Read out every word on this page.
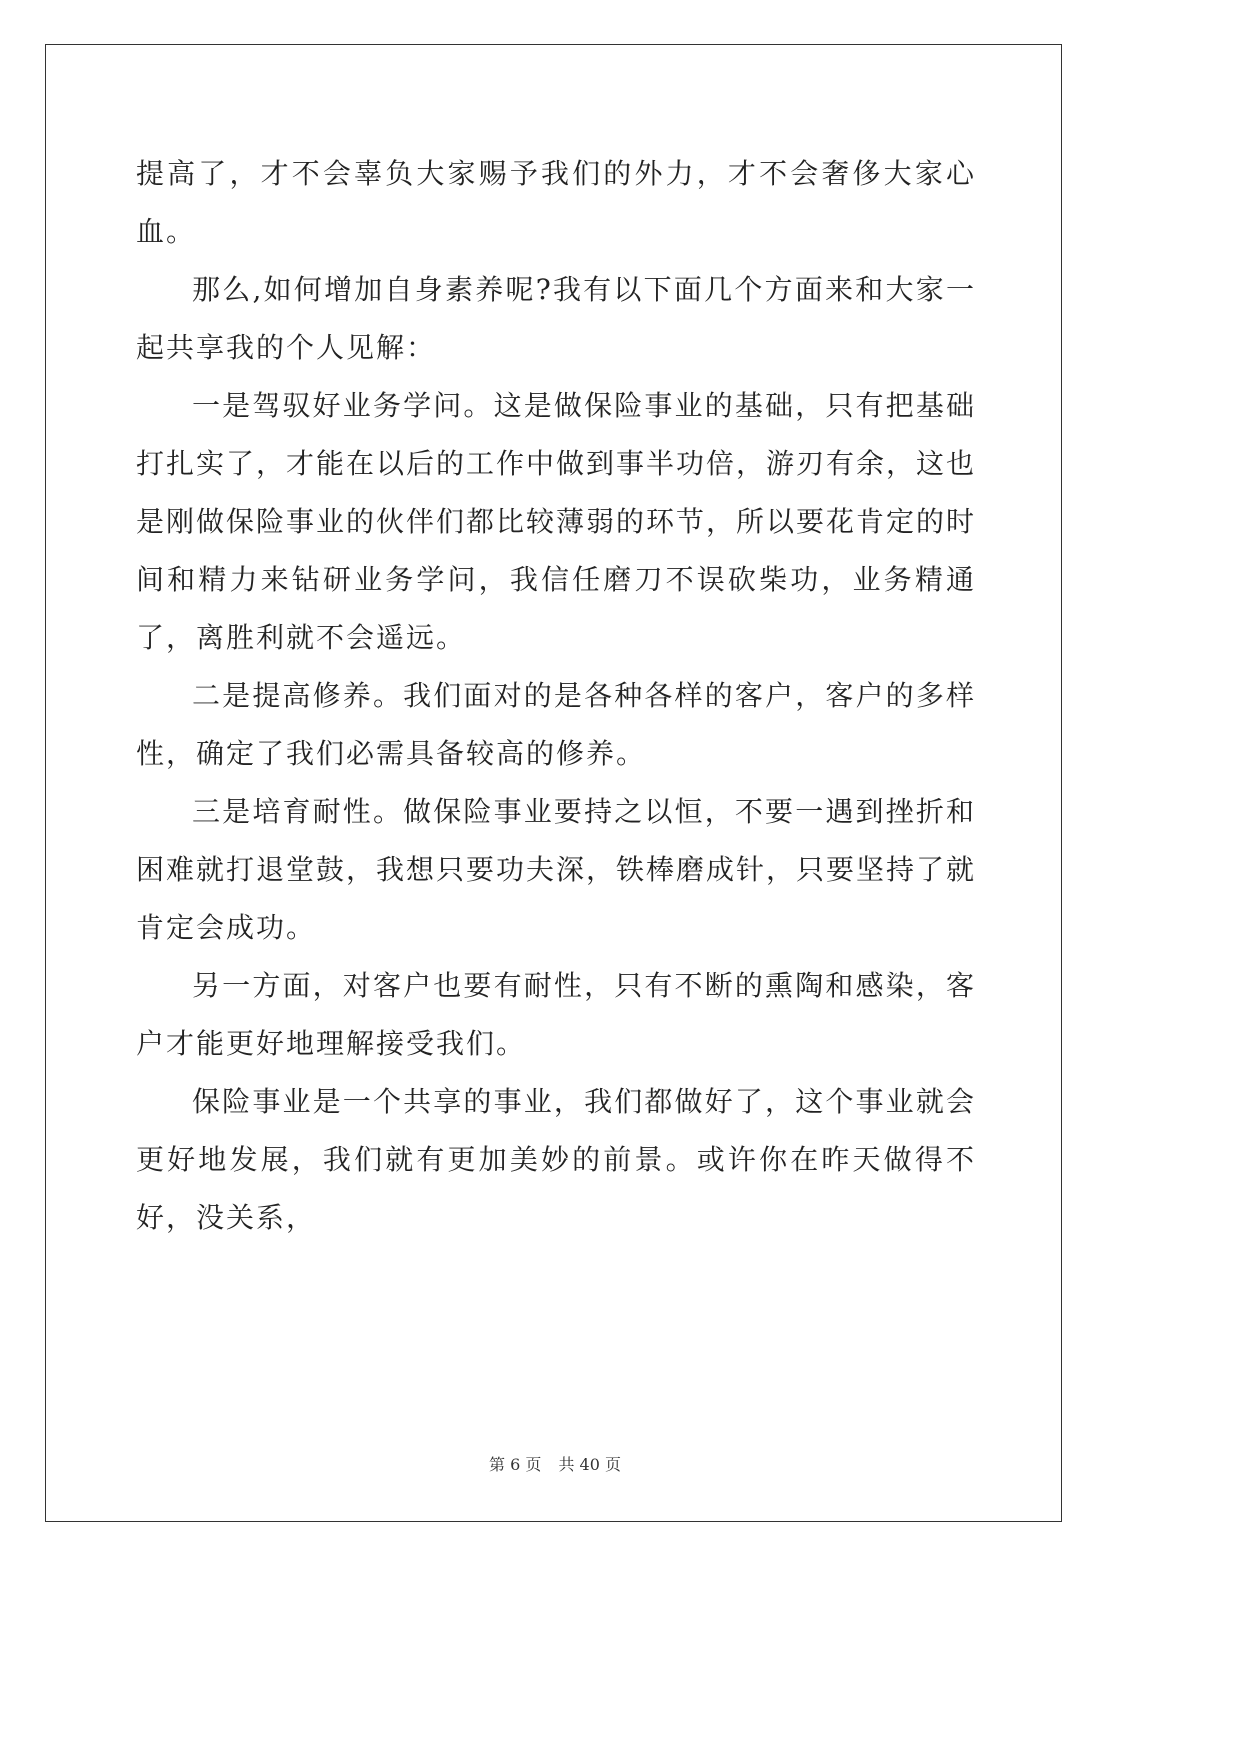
提高了，才不会辜负大家赐予我们的外力，才不会奢侈大家心血。

那么,如何增加自身素养呢?我有以下面几个方面来和大家一起共享我的个人见解：

一是驾驭好业务学问。这是做保险事业的基础，只有把基础打扎实了，才能在以后的工作中做到事半功倍，游刃有余，这也是刚做保险事业的伙伴们都比较薄弱的环节，所以要花肯定的时间和精力来钻研业务学问，我信任磨刀不误砍柴功，业务精通了，离胜利就不会遥远。

二是提高修养。我们面对的是各种各样的客户，客户的多样性，确定了我们必需具备较高的修养。

三是培育耐性。做保险事业要持之以恒，不要一遇到挫折和困难就打退堂鼓，我想只要功夫深，铁棒磨成针，只要坚持了就肯定会成功。

另一方面，对客户也要有耐性，只有不断的熏陶和感染，客户才能更好地理解接受我们。

保险事业是一个共享的事业，我们都做好了，这个事业就会更好地发展，我们就有更加美妙的前景。或许你在昨天做得不好，没关系，

第 6 页 共 40 页
